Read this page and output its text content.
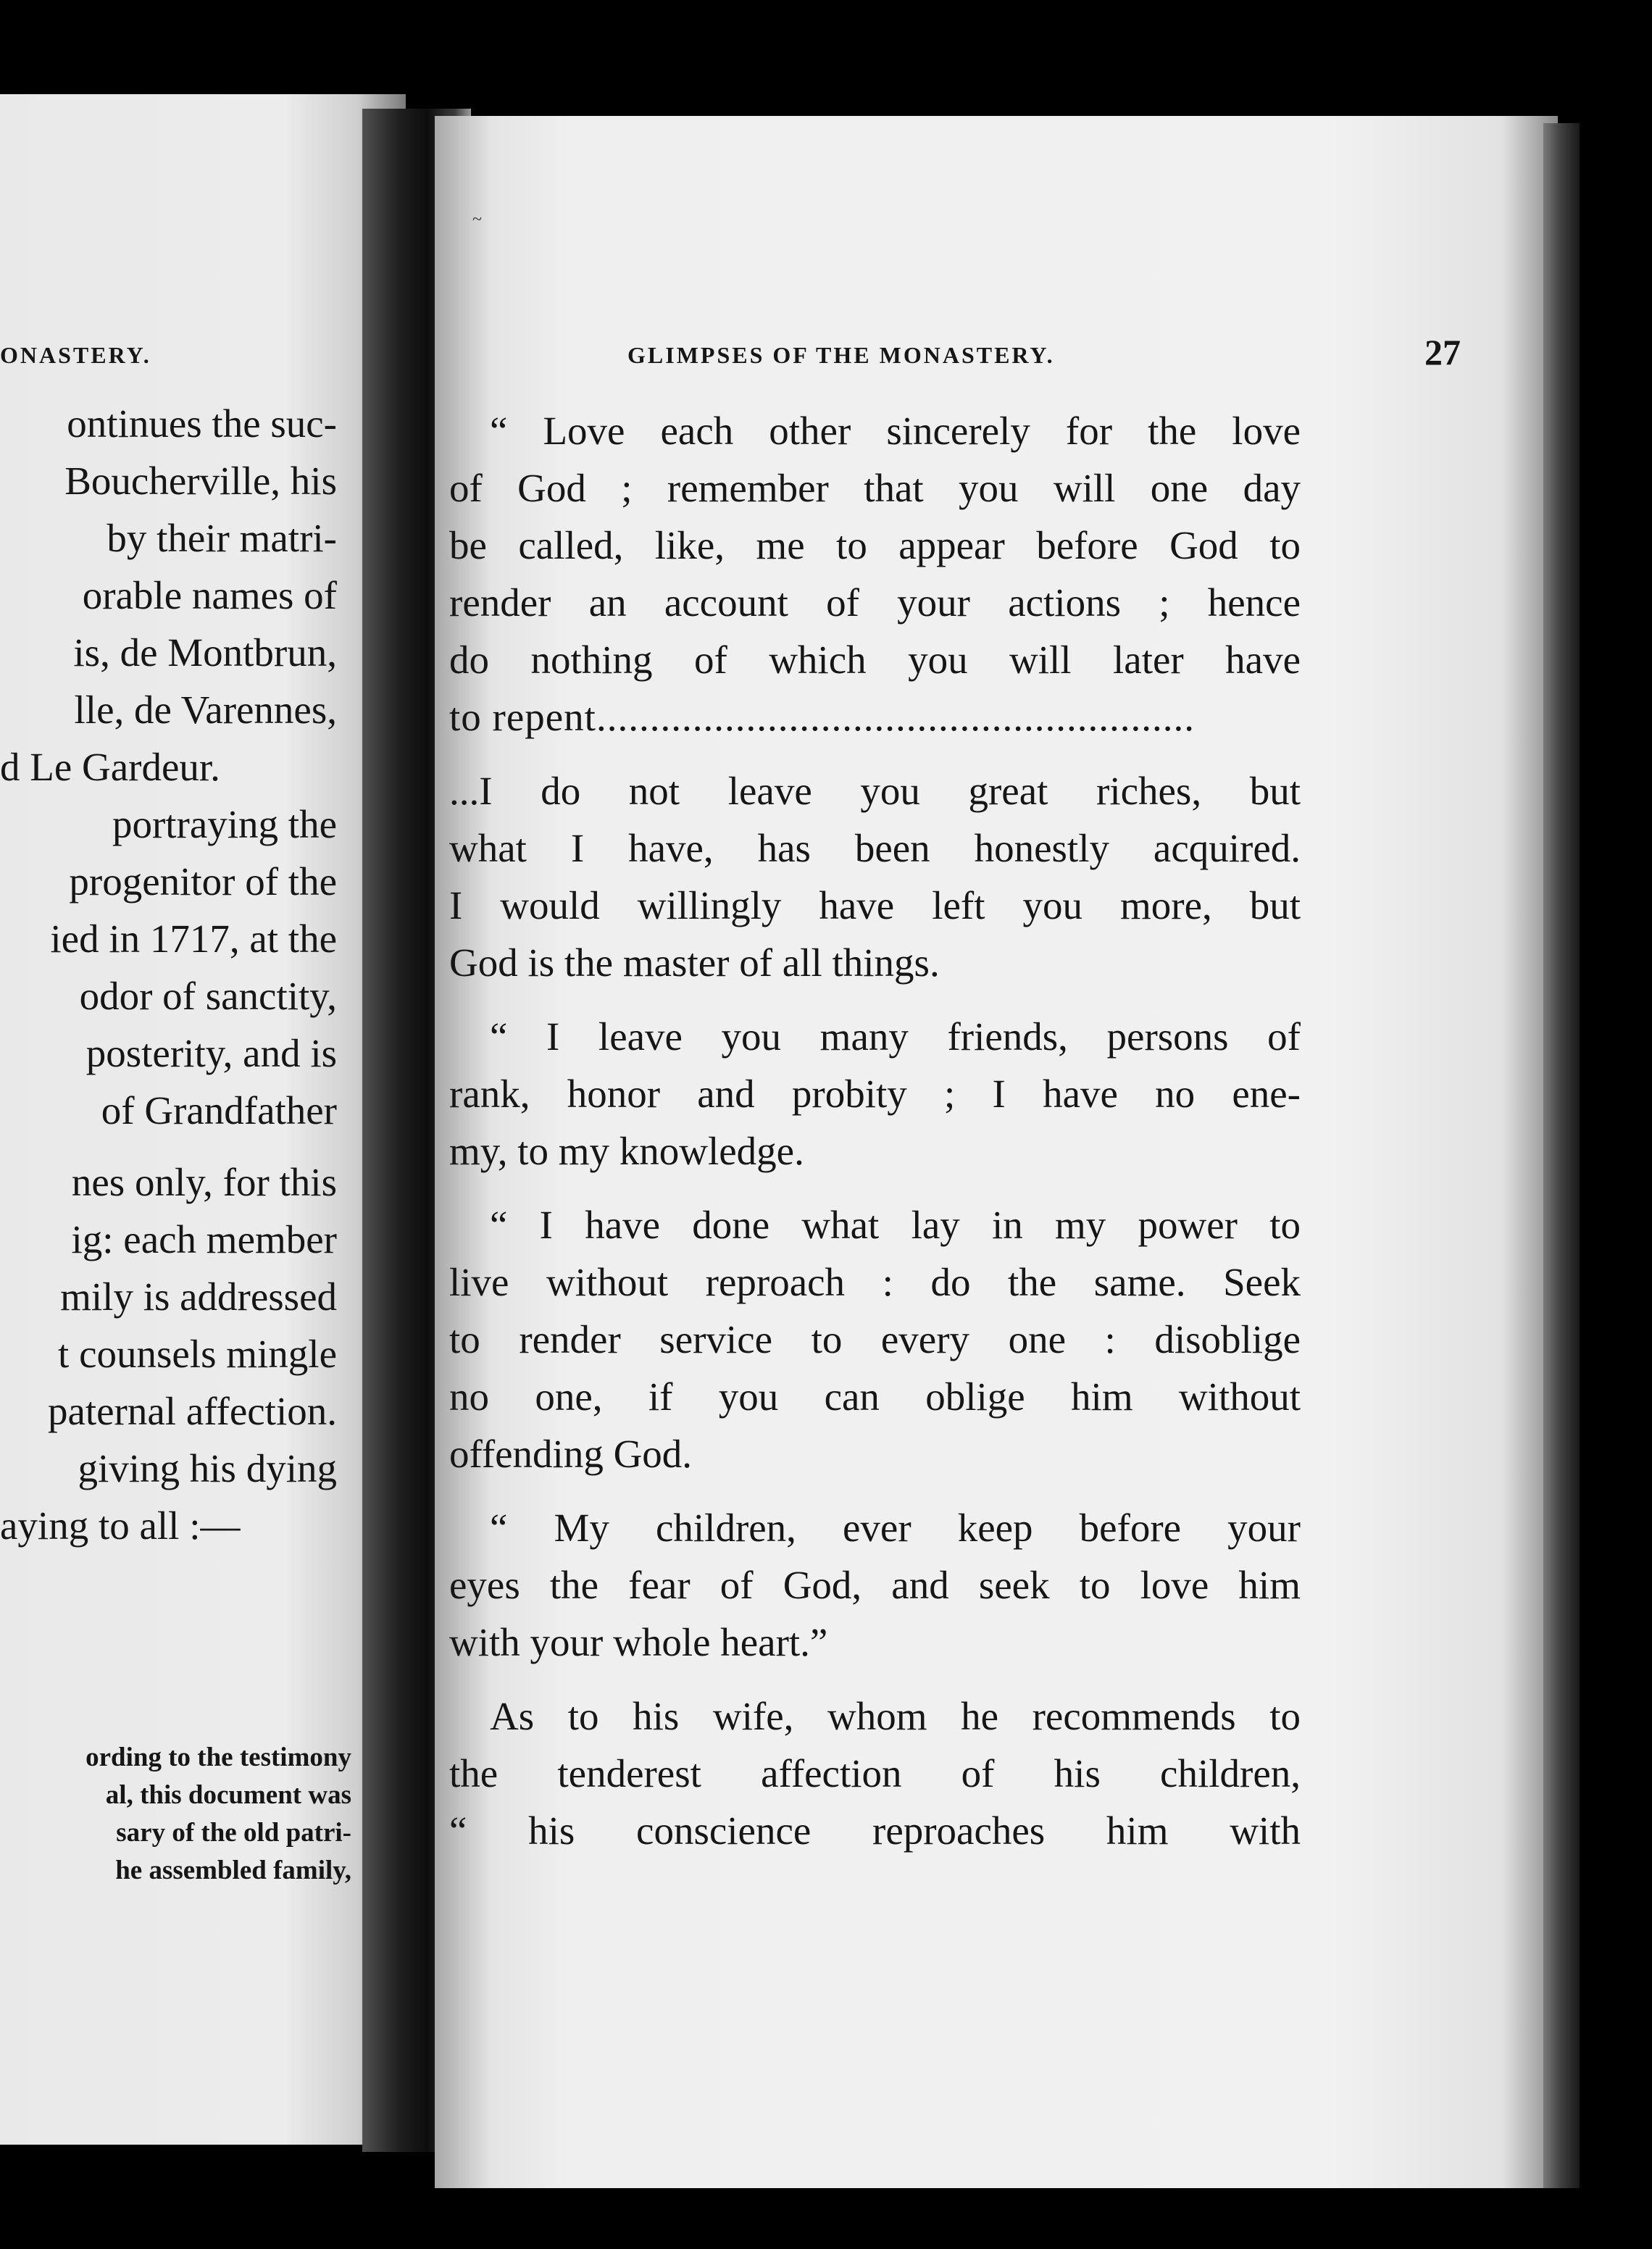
ONASTERY.
ontinues the suc-
Boucherville, his
by their matri-
orable names of
is, de Montbrun,
lle, de Varennes,
d Le Gardeur.
portraying the
progenitor of the
ied in 1717, at the
odor of sanctity,
posterity, and is
of Grandfather
nes only, for this
ig: each member
mily is addressed
t counsels mingle
paternal affection.
giving his dying
aying to all :—
ording to the testimony
al, this document was
sary of the old patri-
he assembled family,
GLIMPSES OF THE MONASTERY.	27

“ Love each other sincerely for the love
of God ; remember that you will one day
be called, like, me to appear before God to
render an account of your actions ; hence
do nothing of which you will later have
to repent........................................................

...I do not leave you great riches, but
what I have, has been honestly acquired.
I would willingly have left you more, but
God is the master of all things.

“ I leave you many friends, persons of
rank, honor and probity ; I have no ene-
my, to my knowledge.

“ I have done what lay in my power to
live without reproach : do the same. Seek
to render service to every one : disoblige
no one, if you can oblige him without
offending God.

“ My children, ever keep before your
eyes the fear of God, and seek to love him
with your whole heart.”

As to his wife, whom he recommends to
the tenderest affection of his children,
“ his conscience reproaches him with

~
